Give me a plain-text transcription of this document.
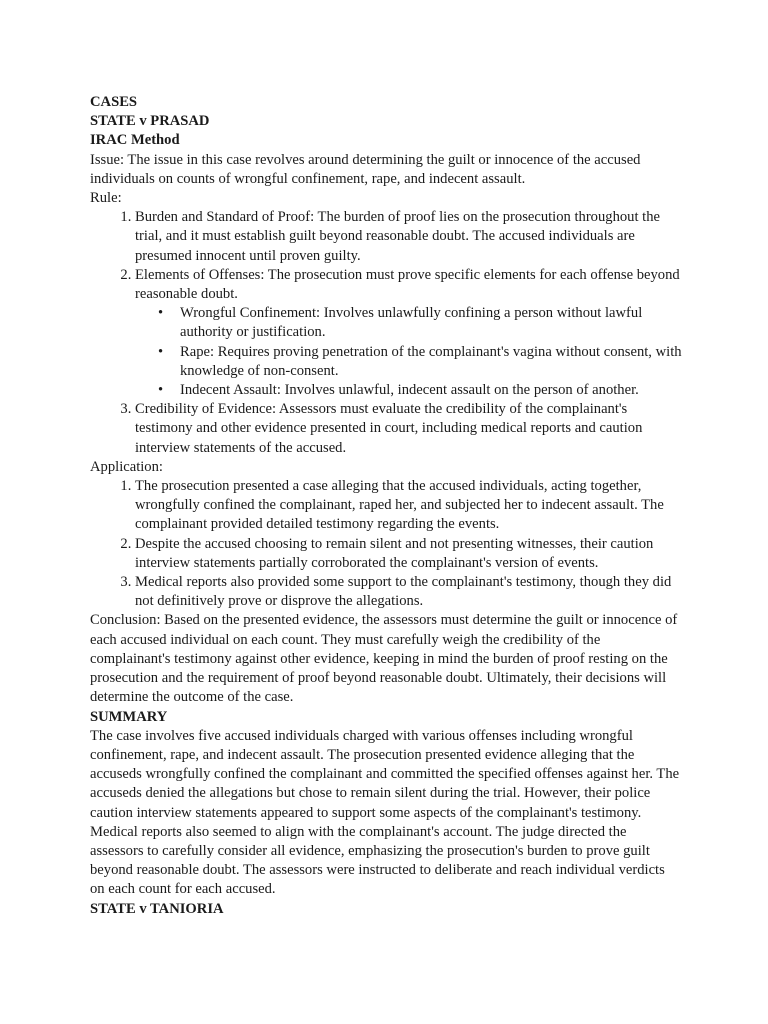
CASES

STATE v PRASAD

IRAC Method

Issue: The issue in this case revolves around determining the guilt or innocence of the accused individuals on counts of wrongful confinement, rape, and indecent assault.

Rule:

1. Burden and Standard of Proof: The burden of proof lies on the prosecution throughout the trial, and it must establish guilt beyond reasonable doubt. The accused individuals are presumed innocent until proven guilty.
2. Elements of Offenses: The prosecution must prove specific elements for each offense beyond reasonable doubt.
• Wrongful Confinement: Involves unlawfully confining a person without lawful authority or justification.
• Rape: Requires proving penetration of the complainant's vagina without consent, with knowledge of non-consent.
• Indecent Assault: Involves unlawful, indecent assault on the person of another.
3. Credibility of Evidence: Assessors must evaluate the credibility of the complainant's testimony and other evidence presented in court, including medical reports and caution interview statements of the accused.

Application:

1. The prosecution presented a case alleging that the accused individuals, acting together, wrongfully confined the complainant, raped her, and subjected her to indecent assault. The complainant provided detailed testimony regarding the events.
2. Despite the accused choosing to remain silent and not presenting witnesses, their caution interview statements partially corroborated the complainant's version of events.
3. Medical reports also provided some support to the complainant's testimony, though they did not definitively prove or disprove the allegations.

Conclusion: Based on the presented evidence, the assessors must determine the guilt or innocence of each accused individual on each count. They must carefully weigh the credibility of the complainant's testimony against other evidence, keeping in mind the burden of proof resting on the prosecution and the requirement of proof beyond reasonable doubt. Ultimately, their decisions will determine the outcome of the case.

SUMMARY

The case involves five accused individuals charged with various offenses including wrongful confinement, rape, and indecent assault. The prosecution presented evidence alleging that the accuseds wrongfully confined the complainant and committed the specified offenses against her. The accuseds denied the allegations but chose to remain silent during the trial. However, their police caution interview statements appeared to support some aspects of the complainant's testimony. Medical reports also seemed to align with the complainant's account. The judge directed the assessors to carefully consider all evidence, emphasizing the prosecution's burden to prove guilt beyond reasonable doubt. The assessors were instructed to deliberate and reach individual verdicts on each count for each accused.

STATE v TANIORIA
